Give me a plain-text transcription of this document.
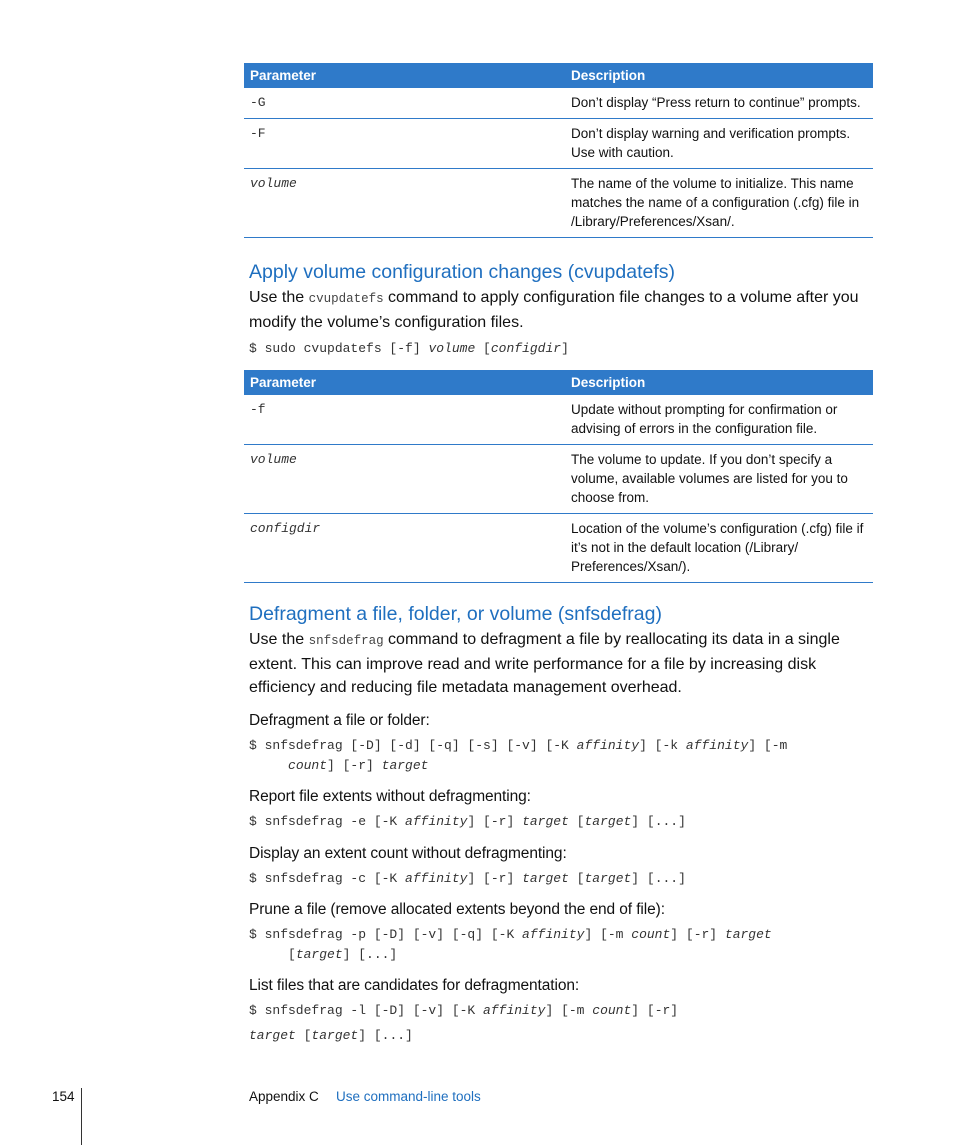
Parameter	Description
-G	Don’t display “Press return to continue” prompts.
-F	Don’t display warning and verification prompts. Use with caution.
volume	The name of the volume to initialize. This name matches the name of a configuration (.cfg) file in /Library/Preferences/Xsan/.
Apply volume configuration changes (cvupdatefs)
Use the cvupdatefs command to apply configuration file changes to a volume after you modify the volume’s configuration files.
$ sudo cvupdatefs [-f] volume [configdir]
Parameter	Description
-f	Update without prompting for confirmation or advising of errors in the configuration file.
volume	The volume to update. If you don’t specify a volume, available volumes are listed for you to choose from.
configdir	Location of the volume’s configuration (.cfg) file if it’s not in the default location (/Library/ Preferences/Xsan/).
Defragment a file, folder, or volume (snfsdefrag)
Use the snfsdefrag command to defragment a file by reallocating its data in a single extent. This can improve read and write performance for a file by increasing disk efficiency and reducing file metadata management overhead.
Defragment a file or folder:
$ snfsdefrag [-D] [-d] [-q] [-s] [-v] [-K affinity] [-k affinity] [-m
count] [-r] target
Report file extents without defragmenting:
$ snfsdefrag -e [-K affinity] [-r] target [target] [...]
Display an extent count without defragmenting:
$ snfsdefrag -c [-K affinity] [-r] target [target] [...]
Prune a file (remove allocated extents beyond the end of file):
$ snfsdefrag -p [-D] [-v] [-q] [-K affinity] [-m count] [-r] target
[target] [...]
List files that are candidates for defragmentation:
$ snfsdefrag -l [-D] [-v] [-K affinity] [-m count] [-r]
target [target] [...]
154	Appendix C Use command-line tools
